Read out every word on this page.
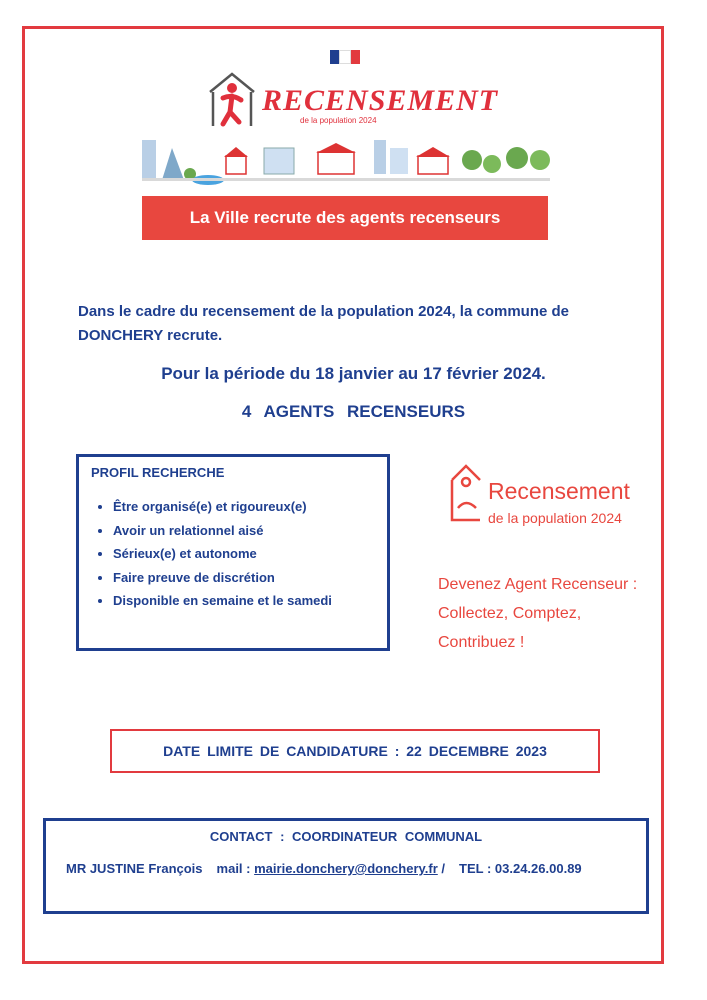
RECENSEMENT
de la population 2024
La Ville recrute des agents recenseurs
Dans le cadre du recensement de la population 2024, la commune de DONCHERY recrute.
Pour la période du 18 janvier au 17 février 2024.
4 AGENTS RECENSEURS
PROFIL RECHERCHE
• Être organisé(e) et rigoureux(e)
• Avoir un relationnel aisé
• Sérieux(e) et autonome
• Faire preuve de discrétion
• Disponible en semaine et le samedi
Recensement
de la population 2024
Devenez Agent Recenseur :
Collectez, Comptez,
Contribuez !
DATE LIMITE DE CANDIDATURE : 22 DECEMBRE 2023
CONTACT : COORDINATEUR COMMUNAL
MR JUSTINE François mail : mairie.donchery@donchery.fr / TEL : 03.24.26.00.89
